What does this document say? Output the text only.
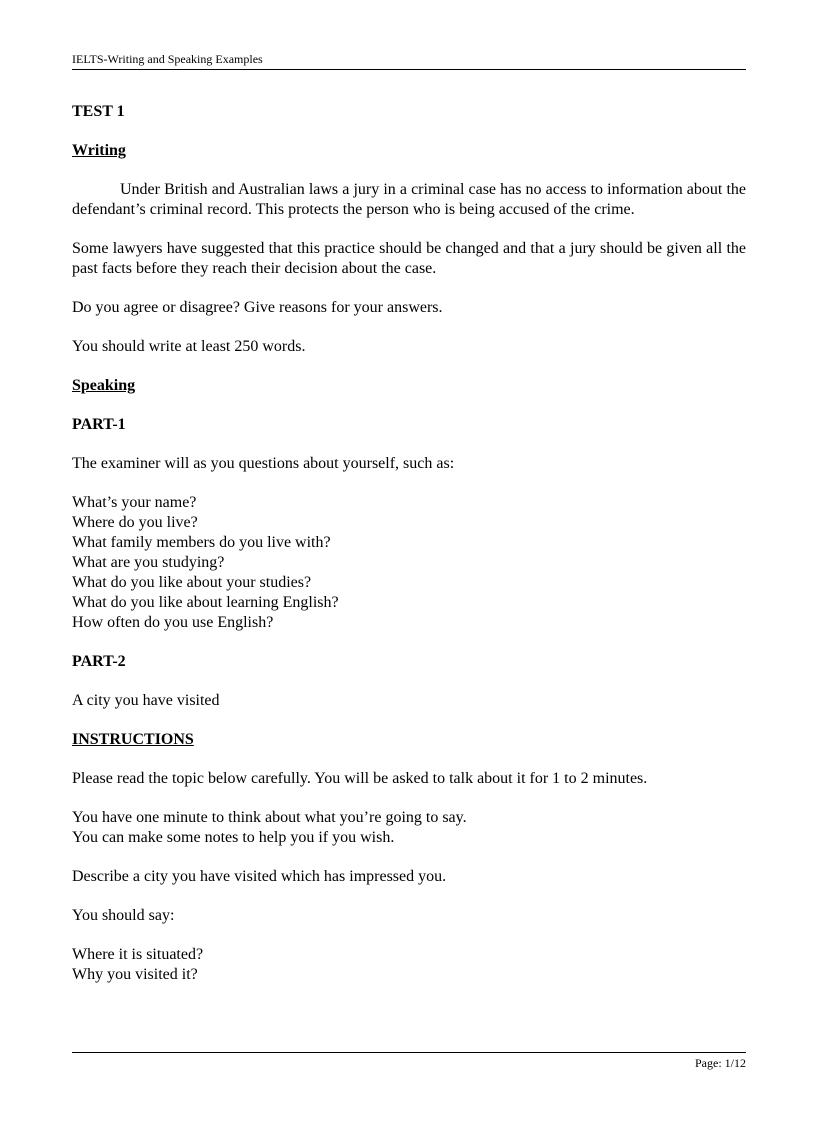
IELTS-Writing and Speaking Examples

TEST 1

Writing

Under British and Australian laws a jury in a criminal case has no access to information about the defendant’s criminal record. This protects the person who is being accused of the crime.

Some lawyers have suggested that this practice should be changed and that a jury should be given all the past facts before they reach their decision about the case.

Do you agree or disagree? Give reasons for your answers.

You should write at least 250 words.

Speaking

PART-1

The examiner will as you questions about yourself, such as:

What’s your name?
Where do you live?
What family members do you live with?
What are you studying?
What do you like about your studies?
What do you like about learning English?
How often do you use English?

PART-2

A city you have visited

INSTRUCTIONS

Please read the topic below carefully. You will be asked to talk about it for 1 to 2 minutes.

You have one minute to think about what you’re going to say.
You can make some notes to help you if you wish.

Describe a city you have visited which has impressed you.

You should say:

Where it is situated?
Why you visited it?

Page: 1/12
